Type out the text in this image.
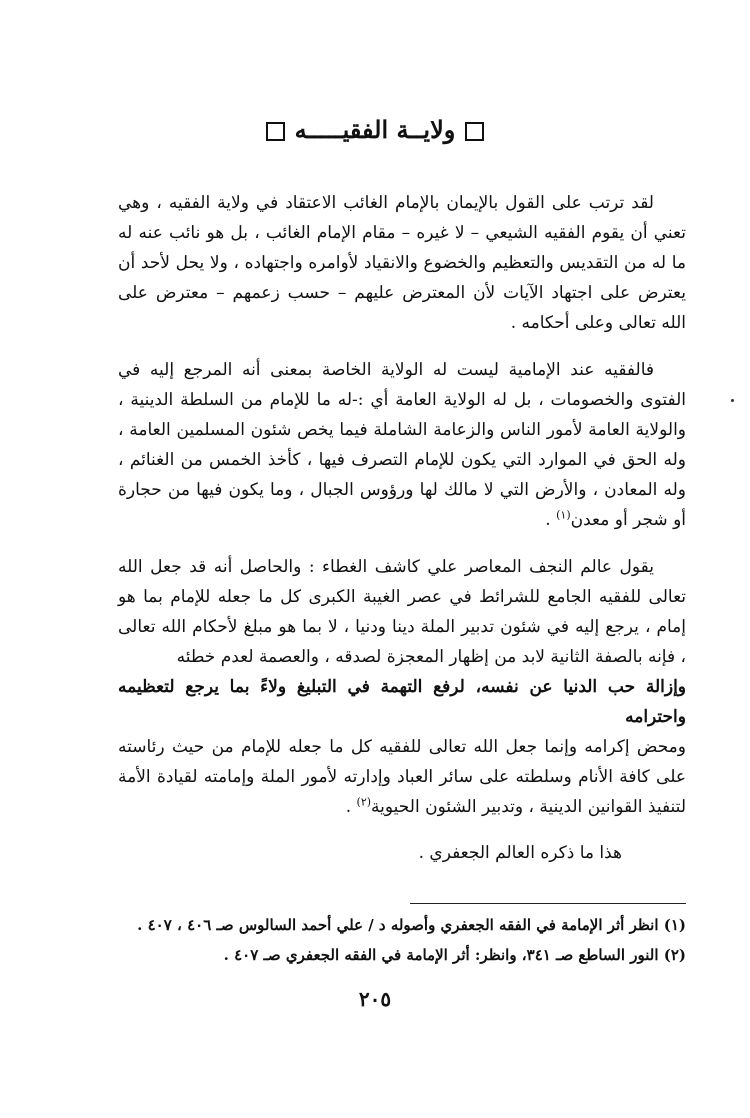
ولايــة الفقيـــــه

لقد ترتب على القول بالإيمان بالإمام الغائب الاعتقاد في ولاية الفقيه ، وهي تعني أن يقوم الفقيه الشيعي – لا غيره – مقام الإمام الغائب ، بل هو نائب عنه له ما له من التقديس والتعظيم والخضوع والانقياد لأوامره واجتهاده ، ولا يحل لأحد أن يعترض على اجتهاد الآيات لأن المعترض عليهم – حسب زعمهم – معترض على الله تعالى وعلى أحكامه .

فالفقيه عند الإمامية ليست له الولاية الخاصة بمعنى أنه المرجع إليه في الفتوى والخصومات ، بل له الولاية العامة أي :-له ما للإمام من السلطة الدينية ، والولاية العامة لأمور الناس والزعامة الشاملة فيما يخص شئون المسلمين العامة ، وله الحق في الموارد التي يكون للإمام التصرف فيها ، كأخذ الخمس من الغنائم ، وله المعادن ، والأرض التي لا مالك لها ورؤوس الجبال ، وما يكون فيها من حجارة أو شجر أو معدن$^{(١)}$ .

يقول عالم النجف المعاصر علي كاشف الغطاء : والحاصل أنه قد جعل الله تعالى للفقيه الجامع للشرائط في عصر الغيبة الكبرى كل ما جعله للإمام بما هو إمام ، يرجع إليه في شئون تدبير الملة دينا ودنيا ، لا بما هو مبلغ لأحكام الله تعالى ، فإنه بالصفة الثانية لابد من إظهار المعجزة لصدقه ، والعصمة لعدم خطئه

وإزالة حب الدنيا عن نفسه، لرفع التهمة في التبليغ ولاءً بما يرجع لتعظيمه واحترامه

ومحض إكرامه وإنما جعل الله تعالى للفقيه كل ما جعله للإمام من حيث رئاسته على كافة الأنام وسلطته على سائر العباد وإدارته لأمور الملة وإمامته لقيادة الأمة لتنفيذ القوانين الدينية ، وتدبير الشئون الحيوية$^{(٢)}$ .

هذا ما ذكره العالم الجعفري .

(١) انظر أثر الإمامة في الفقه الجعفري وأصوله د / علي أحمد السالوس صـ ٤٠٦ ، ٤٠٧ .

(٢) النور الساطع صـ ٣٤١، وانظر: أثر الإمامة في الفقه الجعفري صـ ٤٠٧ .

٢٠٥
